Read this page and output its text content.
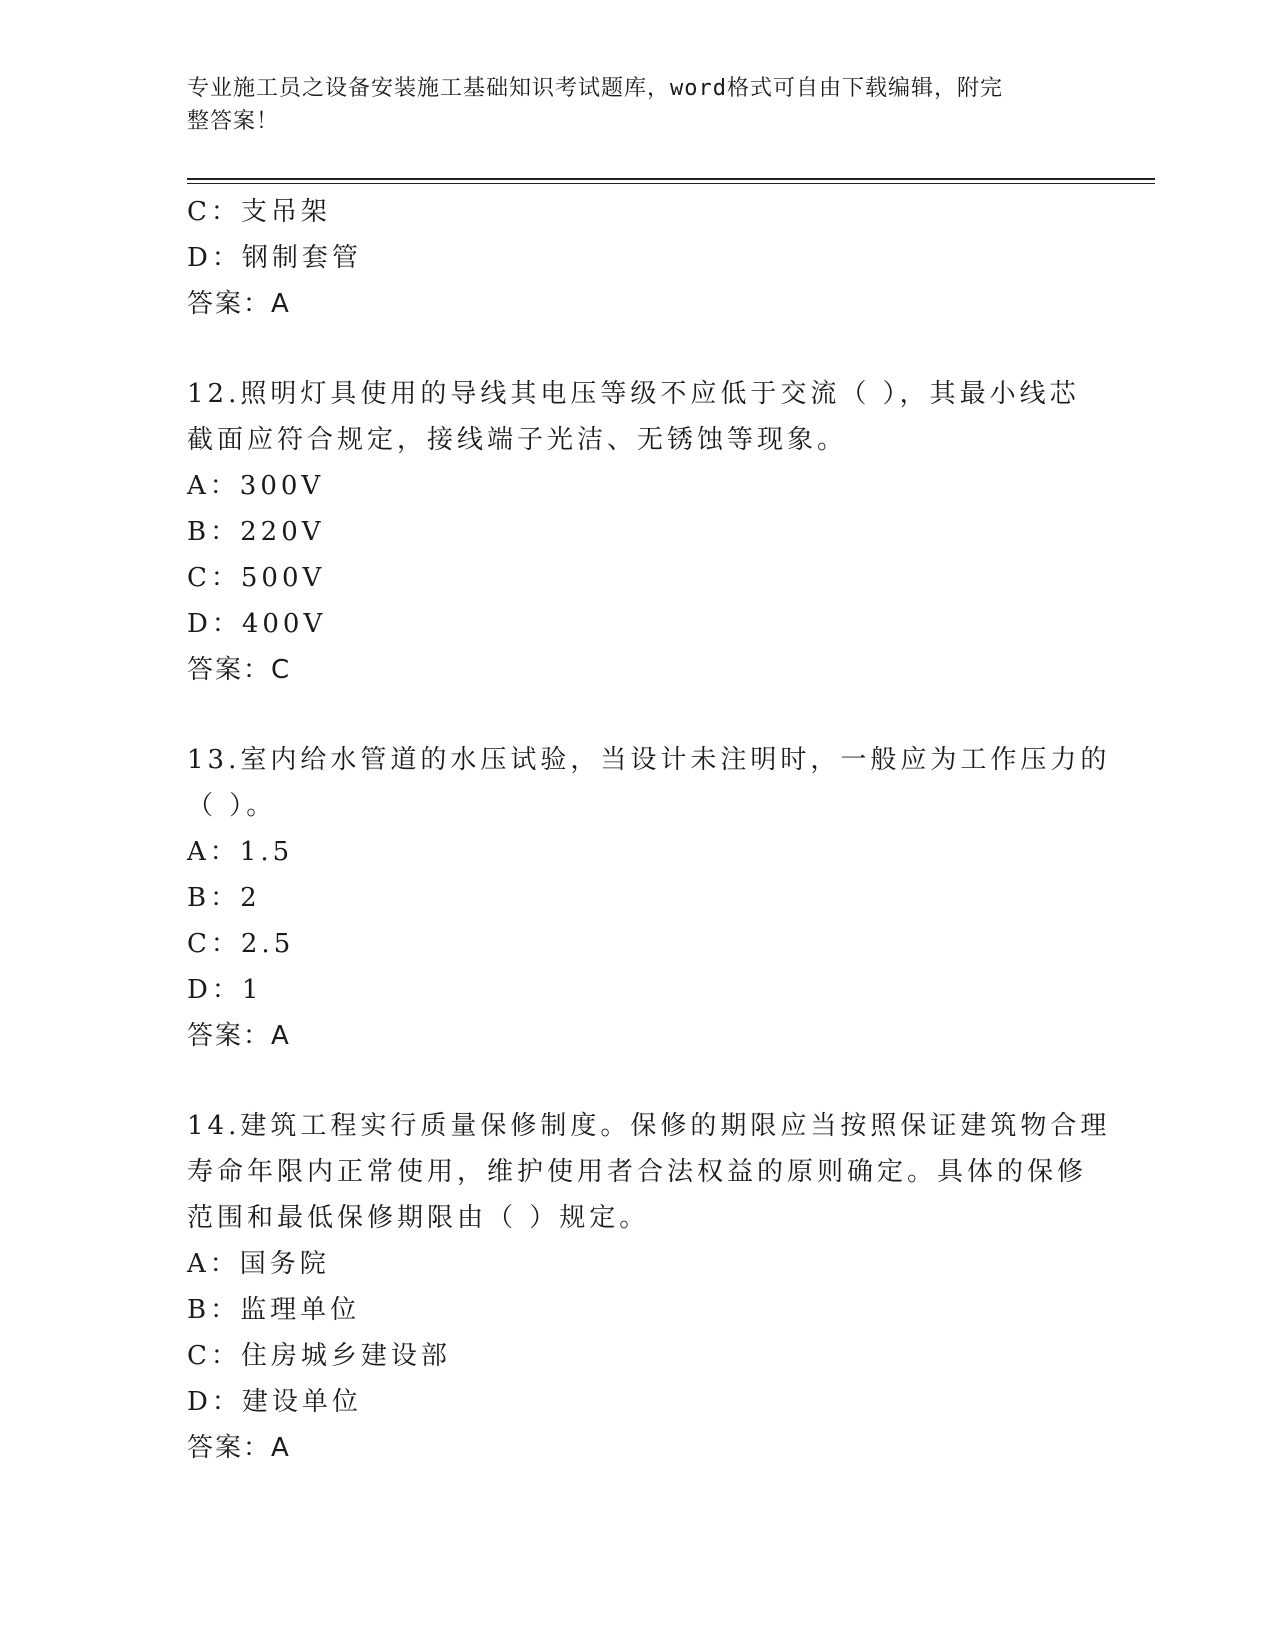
专业施工员之设备安装施工基础知识考试题库，word格式可自由下载编辑，附完
整答案！
C：支吊架
D：钢制套管
答案：A
12.照明灯具使用的导线其电压等级不应低于交流（ ），其最小线芯
截面应符合规定，接线端子光洁、无锈蚀等现象。
A：300V
B：220V
C：500V
D：400V
答案：C
13.室内给水管道的水压试验，当设计未注明时，一般应为工作压力的
（ ）。
A：1.5
B：2
C：2.5
D：1
答案：A
14.建筑工程实行质量保修制度。保修的期限应当按照保证建筑物合理
寿命年限内正常使用，维护使用者合法权益的原则确定。具体的保修
范围和最低保修期限由（ ）规定。
A：国务院
B：监理单位
C：住房城乡建设部
D：建设单位
答案：A
